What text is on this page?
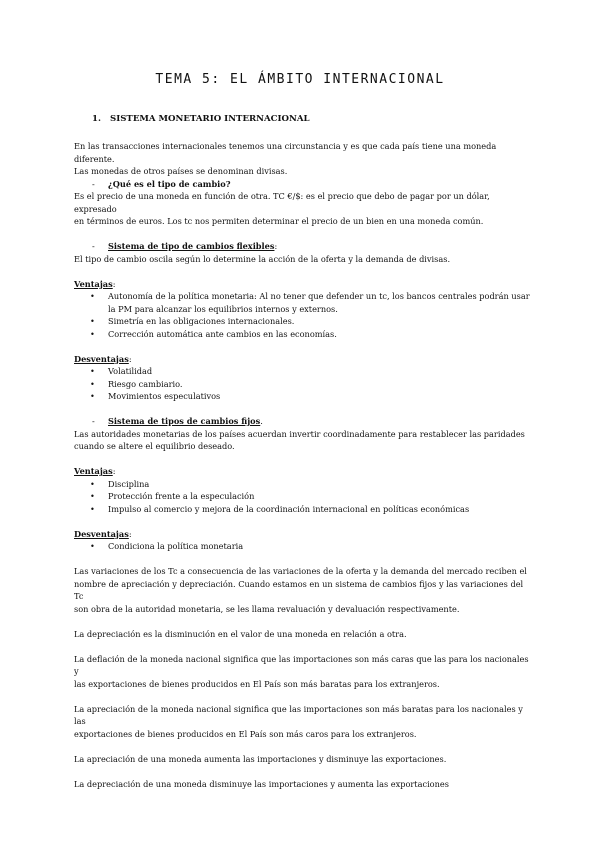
TEMA 5: EL ÁMBITO INTERNACIONAL
1. SISTEMA MONETARIO INTERNACIONAL

En las transacciones internacionales tenemos una circunstancia y es que cada país tiene una moneda diferente.

Las monedas de otros países se denominan divisas.

- ¿Qué es el tipo de cambio?

Es el precio de una moneda en función de otra. TC €/$: es el precio que debo de pagar por un dólar, expresado

en términos de euros. Los tc nos permiten determinar el precio de un bien en una moneda común.

- Sistema de tipo de cambios flexibles:

El tipo de cambio oscila según lo determine la acción de la oferta y la demanda de divisas.

Ventajas:

• Autonomía de la política monetaria: Al no tener que defender un tc, los bancos centrales podrán usar la PM para alcanzar los equilibrios internos y externos.

• Simetría en las obligaciones internacionales.

• Corrección automática ante cambios en las economías.

Desventajas:

• Volatilidad

• Riesgo cambiario.

• Movimientos especulativos

- Sistema de tipos de cambios fijos.

Las autoridades monetarias de los países acuerdan invertir coordinadamente para restablecer las paridades

cuando se altere el equilibrio deseado.

Ventajas:

• Disciplina

• Protección frente a la especulación

• Impulso al comercio y mejora de la coordinación internacional en políticas económicas

Desventajas:

• Condiciona la política monetaria

Las variaciones de los Tc a consecuencia de las variaciones de la oferta y la demanda del mercado reciben el

nombre de apreciación y depreciación. Cuando estamos en un sistema de cambios fijos y las variaciones del Tc

son obra de la autoridad monetaria, se les llama revaluación y devaluación respectivamente.

La depreciación es la disminución en el valor de una moneda en relación a otra.

La deflación de la moneda nacional significa que las importaciones son más caras que las para los nacionales y

las exportaciones de bienes producidos en El País son más baratas para los extranjeros.

La apreciación de la moneda nacional significa que las importaciones son más baratas para los nacionales y las

exportaciones de bienes producidos en El País son más caros para los extranjeros.

La apreciación de una moneda aumenta las importaciones y disminuye las exportaciones.

La depreciación de una moneda disminuye las importaciones y aumenta las exportaciones
